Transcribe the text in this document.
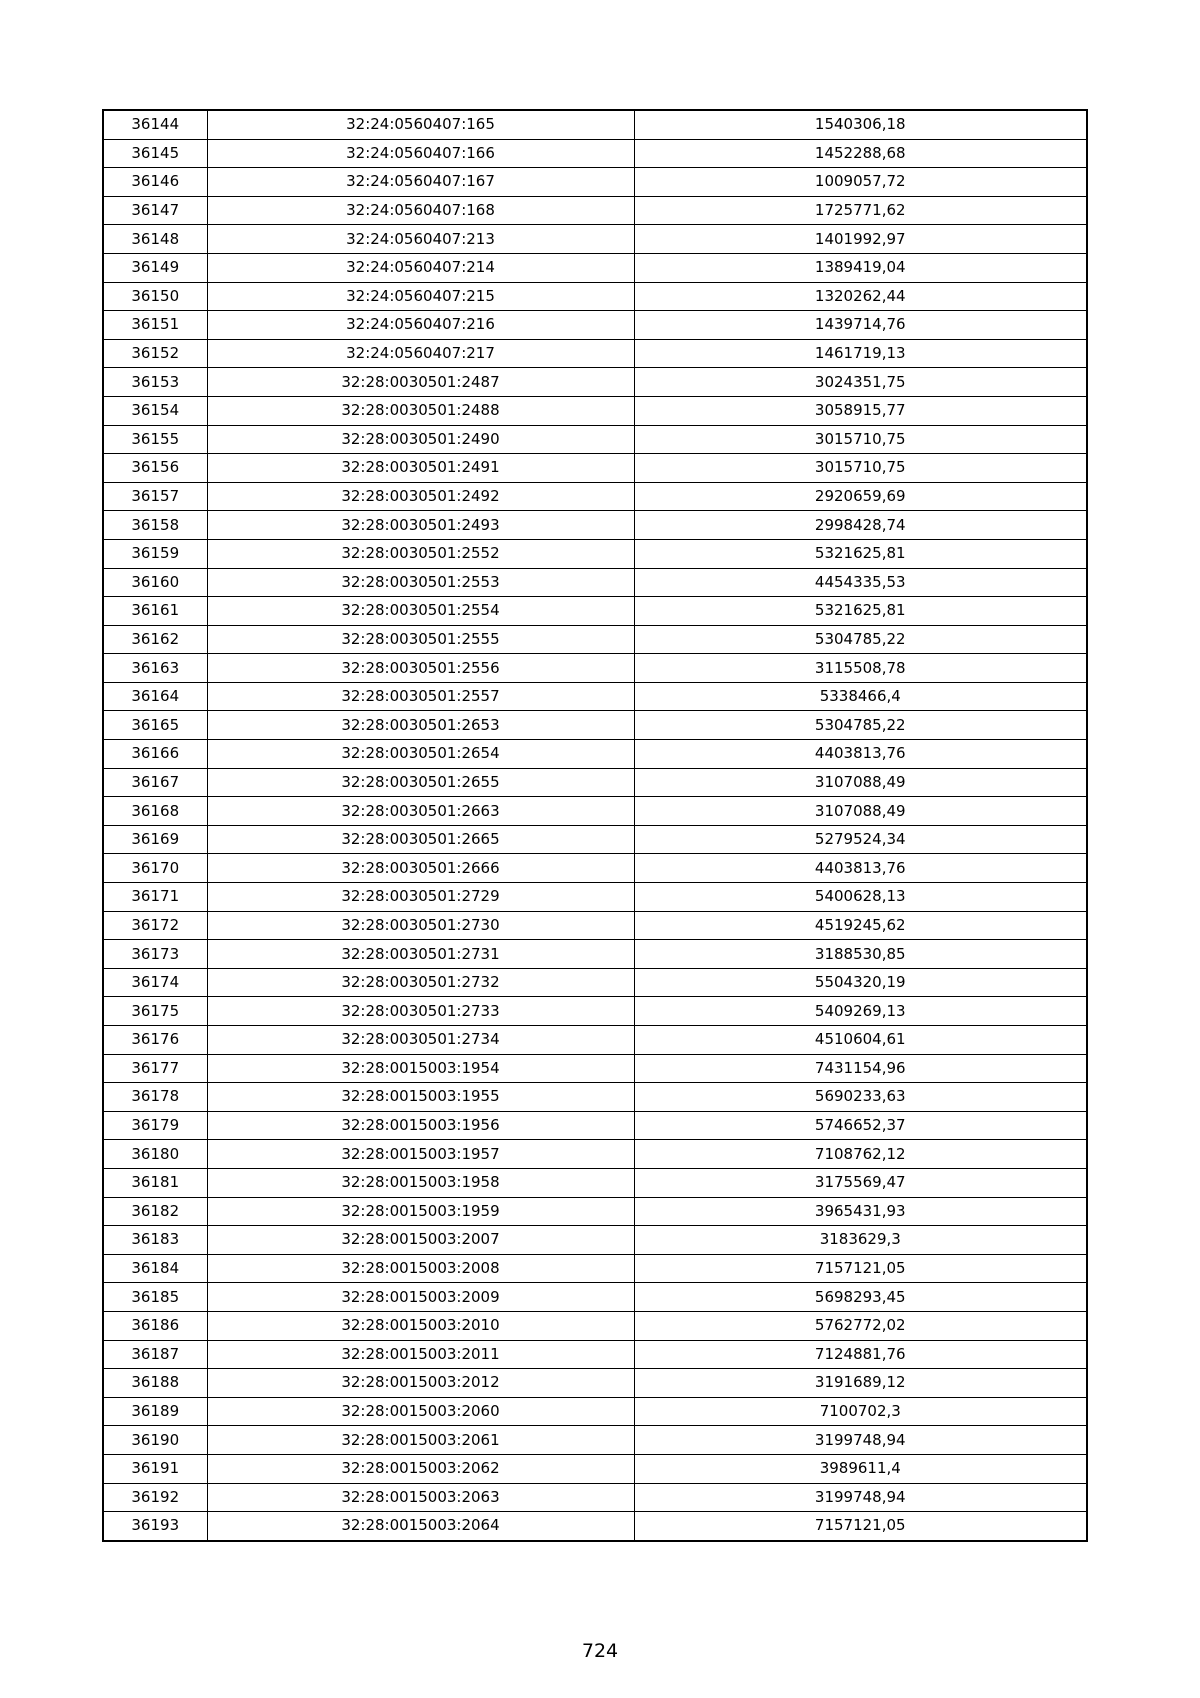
36144	32:24:0560407:165	1540306,18
36145	32:24:0560407:166	1452288,68
36146	32:24:0560407:167	1009057,72
36147	32:24:0560407:168	1725771,62
36148	32:24:0560407:213	1401992,97
36149	32:24:0560407:214	1389419,04
36150	32:24:0560407:215	1320262,44
36151	32:24:0560407:216	1439714,76
36152	32:24:0560407:217	1461719,13
36153	32:28:0030501:2487	3024351,75
36154	32:28:0030501:2488	3058915,77
36155	32:28:0030501:2490	3015710,75
36156	32:28:0030501:2491	3015710,75
36157	32:28:0030501:2492	2920659,69
36158	32:28:0030501:2493	2998428,74
36159	32:28:0030501:2552	5321625,81
36160	32:28:0030501:2553	4454335,53
36161	32:28:0030501:2554	5321625,81
36162	32:28:0030501:2555	5304785,22
36163	32:28:0030501:2556	3115508,78
36164	32:28:0030501:2557	5338466,4
36165	32:28:0030501:2653	5304785,22
36166	32:28:0030501:2654	4403813,76
36167	32:28:0030501:2655	3107088,49
36168	32:28:0030501:2663	3107088,49
36169	32:28:0030501:2665	5279524,34
36170	32:28:0030501:2666	4403813,76
36171	32:28:0030501:2729	5400628,13
36172	32:28:0030501:2730	4519245,62
36173	32:28:0030501:2731	3188530,85
36174	32:28:0030501:2732	5504320,19
36175	32:28:0030501:2733	5409269,13
36176	32:28:0030501:2734	4510604,61
36177	32:28:0015003:1954	7431154,96
36178	32:28:0015003:1955	5690233,63
36179	32:28:0015003:1956	5746652,37
36180	32:28:0015003:1957	7108762,12
36181	32:28:0015003:1958	3175569,47
36182	32:28:0015003:1959	3965431,93
36183	32:28:0015003:2007	3183629,3
36184	32:28:0015003:2008	7157121,05
36185	32:28:0015003:2009	5698293,45
36186	32:28:0015003:2010	5762772,02
36187	32:28:0015003:2011	7124881,76
36188	32:28:0015003:2012	3191689,12
36189	32:28:0015003:2060	7100702,3
36190	32:28:0015003:2061	3199748,94
36191	32:28:0015003:2062	3989611,4
36192	32:28:0015003:2063	3199748,94
36193	32:28:0015003:2064	7157121,05
724
